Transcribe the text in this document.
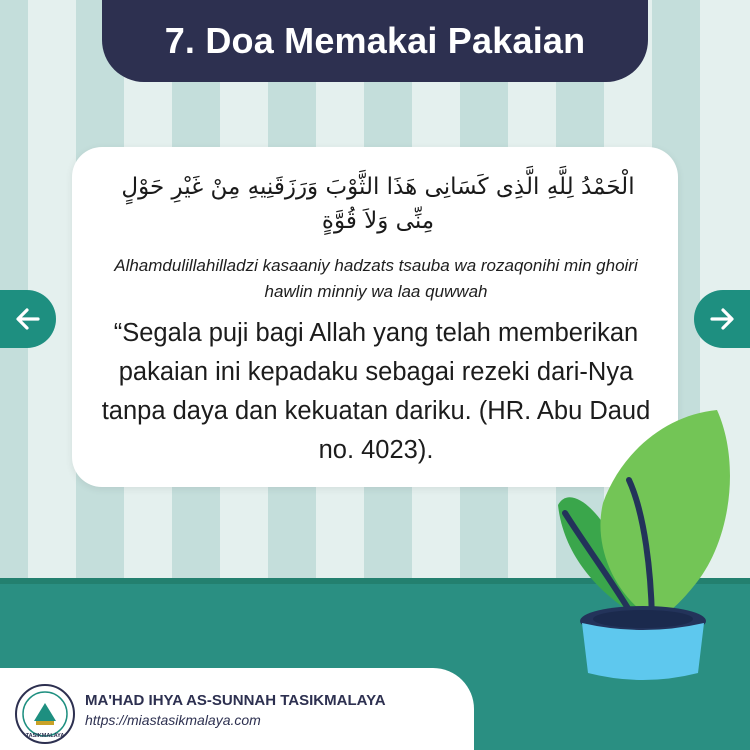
7. Doa Memakai Pakaian
الْحَمْدُ لِلَّهِ الَّذِى كَسَانِى هَذَا الثَّوْبَ وَرَزَقَنِيهِ مِنْ غَيْرِ حَوْلٍ مِنِّى وَلاَ قُوَّةٍ
Alhamdulillahilladzi kasaaniy hadzats tsauba wa rozaqonihi min ghoiri hawlin minniy wa laa quwwah
“Segala puji bagi Allah yang telah memberikan pakaian ini kepadaku sebagai rezeki dari-Nya tanpa daya dan kekuatan dariku. (HR. Abu Daud no. 4023).
TASIKMALAYA
MA'HAD IHYA AS-SUNNAH TASIKMALAYA
https://miastasikmalaya.com
